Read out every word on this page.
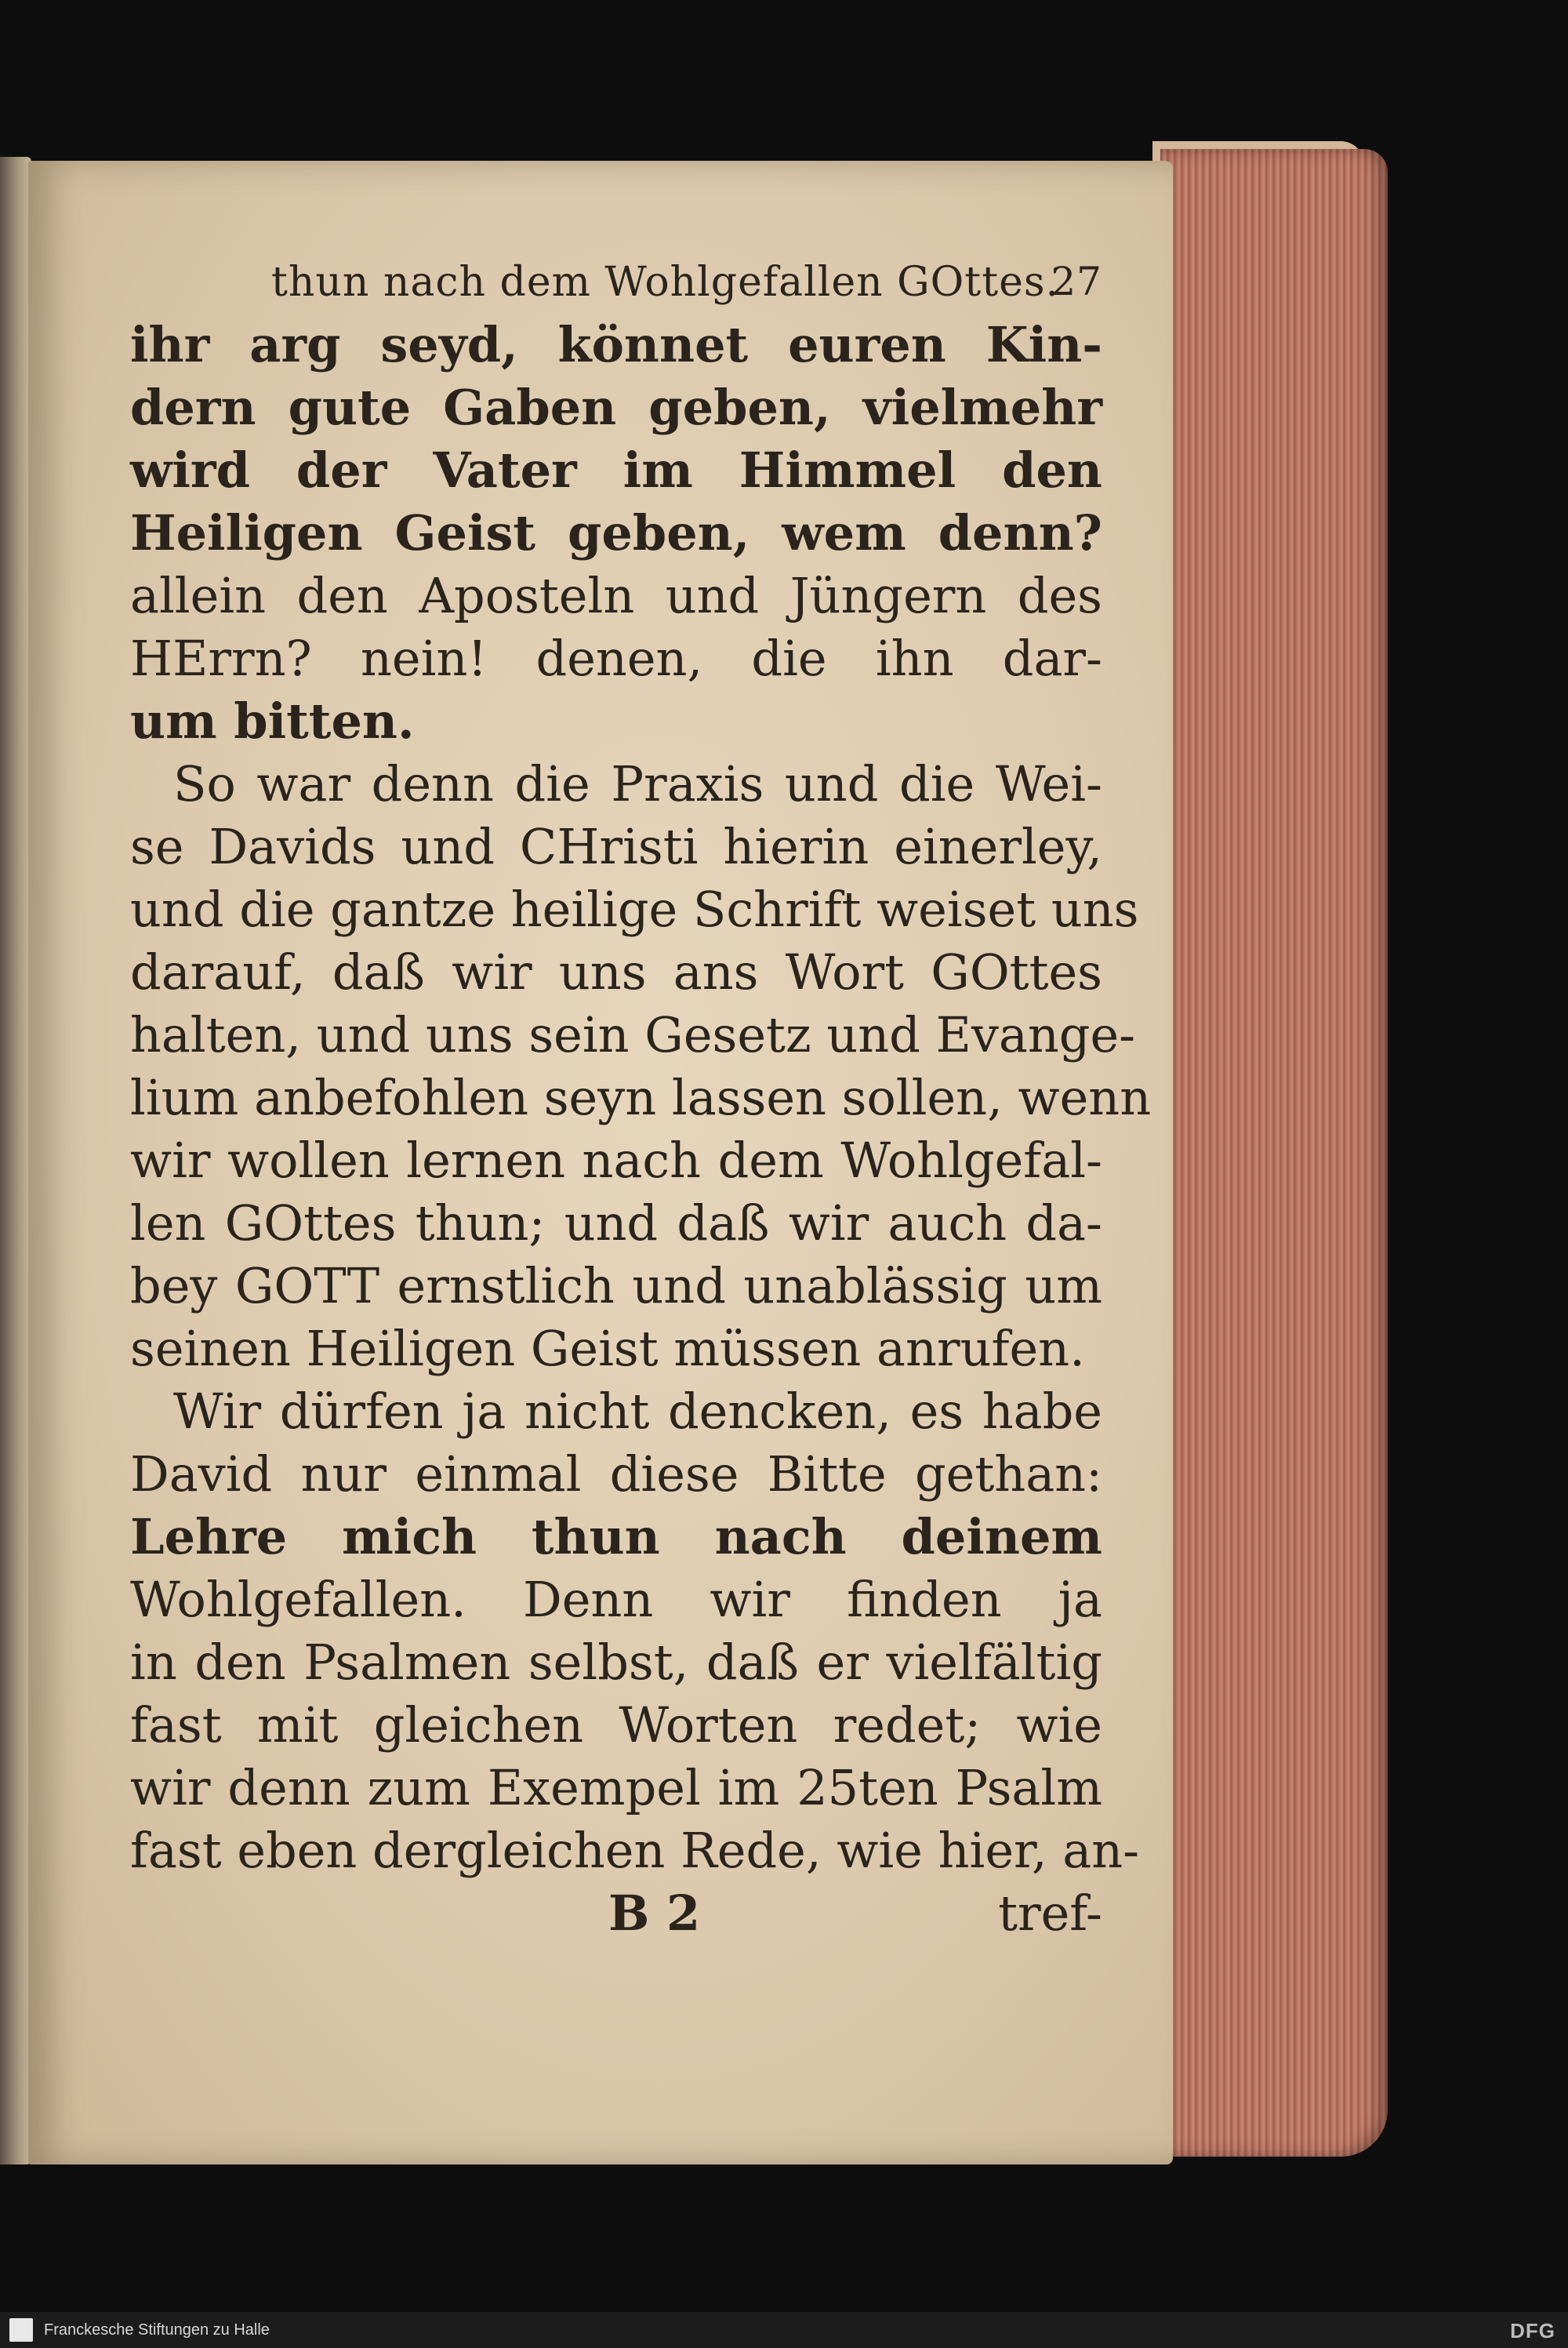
thun nach dem Wohlgefallen GOttes.
27
ihr arg seyd, könnet euren Kin-
dern gute Gaben geben, vielmehr
wird der Vater im Himmel den
Heiligen Geist geben, wem denn?
allein den Aposteln und Jüngern des
HErrn? nein! denen, die ihn dar-
um bitten.
So war denn die Praxis und die Wei-
se Davids und CHristi hierin einerley,
und die gantze heilige Schrift weiset uns
darauf, daß wir uns ans Wort GOttes
halten, und uns sein Gesetz und Evange-
lium anbefohlen seyn lassen sollen, wenn
wir wollen lernen nach dem Wohlgefal-
len GOttes thun; und daß wir auch da-
bey GOTT ernstlich und unablässig um
seinen Heiligen Geist müssen anrufen.
Wir dürfen ja nicht dencken, es habe
David nur einmal diese Bitte gethan:
Lehre mich thun nach deinem
Wohlgefallen. Denn wir finden ja
in den Psalmen selbst, daß er vielfältig
fast mit gleichen Worten redet; wie
wir denn zum Exempel im 25ten Psalm
fast eben dergleichen Rede, wie hier, an-
B 2	tref-
Franckesche Stiftungen zu Halle	DFG
